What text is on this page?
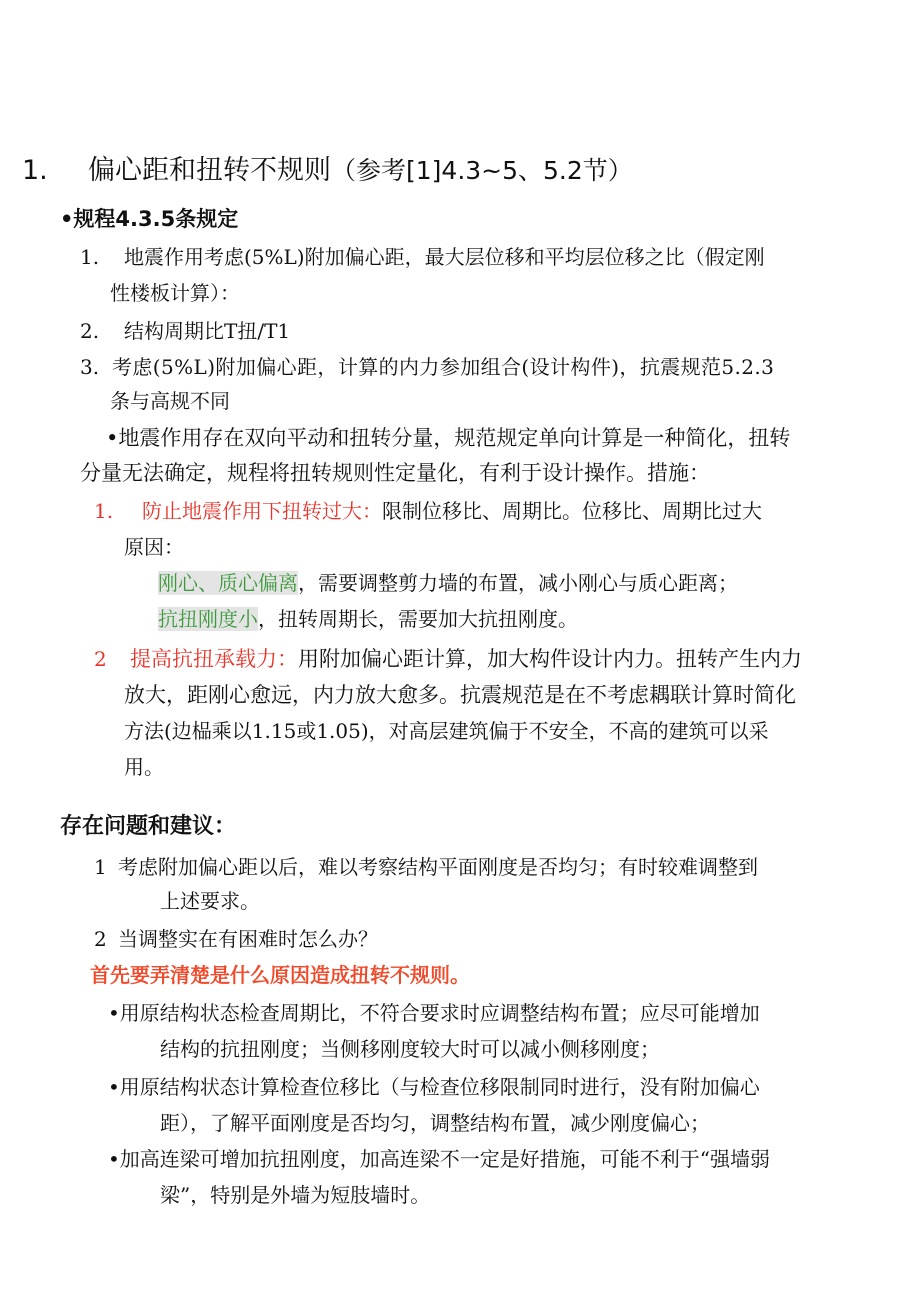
1. 偏心距和扭转不规则（参考[1]4.3~5、5.2节）
•规程4.3.5条规定
1. 地震作用考虑(5%L)附加偏心距，最大层位移和平均层位移之比（假定刚
性楼板计算）：
2. 结构周期比T扭/T1
3. 考虑(5%L)附加偏心距，计算的内力参加组合(设计构件)，抗震规范5.2.3
条与高规不同
•地震作用存在双向平动和扭转分量，规范规定单向计算是一种简化，扭转
分量无法确定，规程将扭转规则性定量化，有利于设计操作。措施：
1. 防止地震作用下扭转过大：限制位移比、周期比。位移比、周期比过大
原因：
刚心、质心偏离，需要调整剪力墙的布置，减小刚心与质心距离；
抗扭刚度小，扭转周期长，需要加大抗扭刚度。
2 提高抗扭承载力：用附加偏心距计算，加大构件设计内力。扭转产生内力
放大，距刚心愈远，内力放大愈多。抗震规范是在不考虑耦联计算时简化
方法(边榀乘以1.15或1.05)，对高层建筑偏于不安全，不高的建筑可以采
用。
存在问题和建议：
1 考虑附加偏心距以后，难以考察结构平面刚度是否均匀；有时较难调整到
上述要求。
2 当调整实在有困难时怎么办？
首先要弄清楚是什么原因造成扭转不规则。
•用原结构状态检查周期比，不符合要求时应调整结构布置；应尽可能增加
结构的抗扭刚度；当侧移刚度较大时可以减小侧移刚度；
•用原结构状态计算检查位移比（与检查位移限制同时进行，没有附加偏心
距），了解平面刚度是否均匀，调整结构布置，减少刚度偏心；
•加高连梁可增加抗扭刚度，加高连梁不一定是好措施，可能不利于“强墙弱
梁”，特别是外墙为短肢墙时。
